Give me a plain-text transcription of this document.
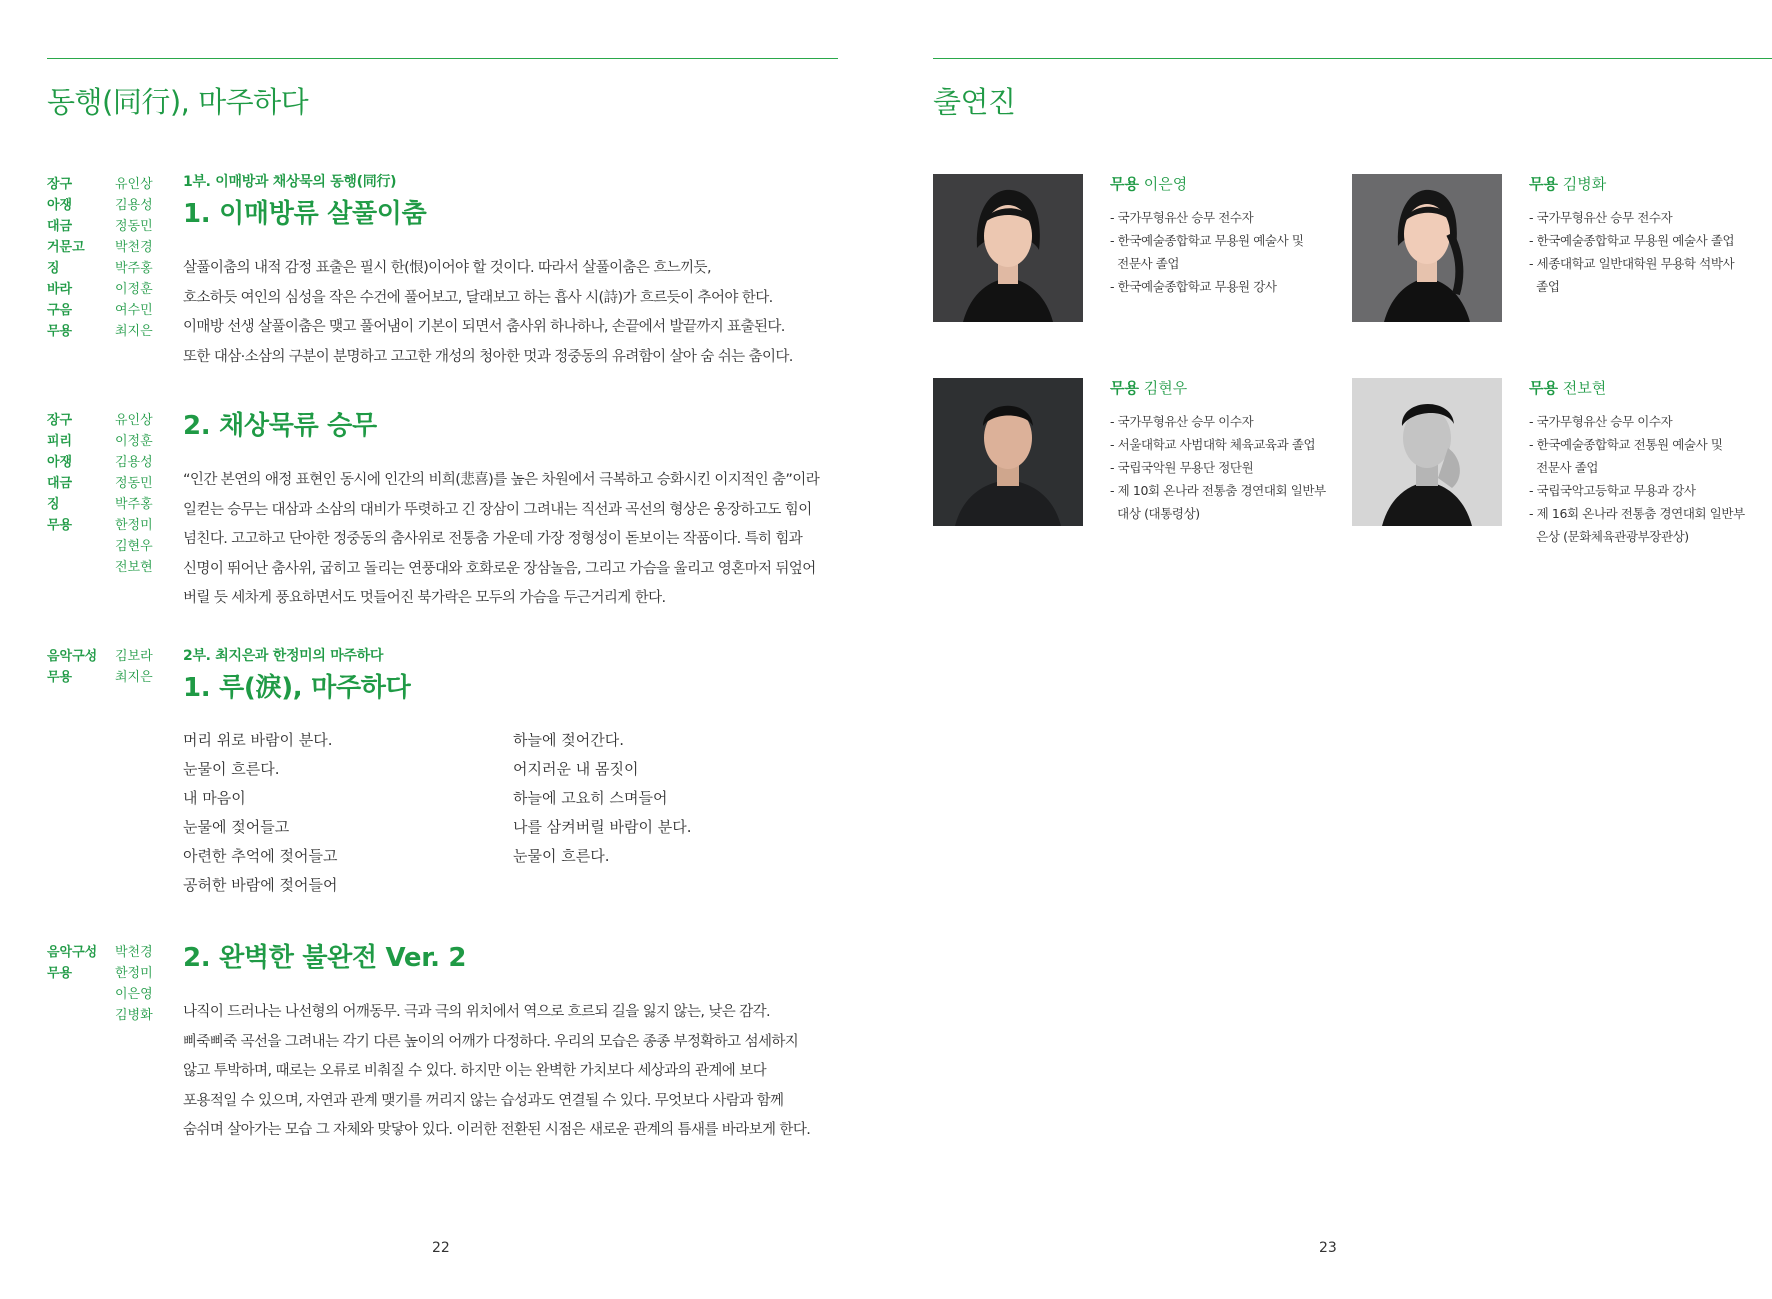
동행(同行), 마주하다
장구	유인상
아쟁	김용성
대금	정동민
거문고	박천경
징	박주홍
바라	이정훈
구음	여수민
무용	최지은
1부. 이매방과 채상묵의 동행(同行)
1. 이매방류 살풀이춤

살풀이춤의 내적 감정 표출은 필시 한(恨)이어야 할 것이다. 따라서 살풀이춤은 흐느끼듯,

호소하듯 여인의 심성을 작은 수건에 풀어보고, 달래보고 하는 흡사 시(詩)가 흐르듯이 추어야 한다.

이매방 선생 살풀이춤은 맺고 풀어냄이 기본이 되면서 춤사위 하나하나, 손끝에서 발끝까지 표출된다.

또한 대삼·소삼의 구분이 분명하고 고고한 개성의 청아한 멋과 정중동의 유려함이 살아 숨 쉬는 춤이다.

장구	유인상
피리	이정훈
아쟁	김용성
대금	정동민
징	박주홍
무용	한정미
김현우
전보현
2. 채상묵류 승무

“인간 본연의 애정 표현인 동시에 인간의 비희(悲喜)를 높은 차원에서 극복하고 승화시킨 이지적인 춤”이라

일컫는 승무는 대삼과 소삼의 대비가 뚜렷하고 긴 장삼이 그려내는 직선과 곡선의 형상은 웅장하고도 힘이

넘친다. 고고하고 단아한 정중동의 춤사위로 전통춤 가운데 가장 정형성이 돋보이는 작품이다. 특히 힘과

신명이 뛰어난 춤사위, 굽히고 돌리는 연풍대와 호화로운 장삼놀음, 그리고 가슴을 울리고 영혼마저 뒤엎어

버릴 듯 세차게 풍요하면서도 멋들어진 북가락은 모두의 가슴을 두근거리게 한다.

음악구성	김보라
무용	최지은
2부. 최지은과 한정미의 마주하다
1. 루(淚), 마주하다

머리 위로 바람이 분다.

눈물이 흐른다.

내 마음이

눈물에 젖어들고

아련한 추억에 젖어들고

공허한 바람에 젖어들어

하늘에 젖어간다.

어지러운 내 몸짓이

하늘에 고요히 스며들어

나를 삼켜버릴 바람이 분다.

눈물이 흐른다.

음악구성	박천경
무용	한정미
이은영
김병화
2. 완벽한 불완전 Ver. 2

나직이 드러나는 나선형의 어깨동무. 극과 극의 위치에서 역으로 흐르되 길을 잃지 않는, 낮은 감각.

삐죽삐죽 곡선을 그려내는 각기 다른 높이의 어깨가 다정하다. 우리의 모습은 종종 부정확하고 섬세하지

않고 투박하며, 때로는 오류로 비춰질 수 있다. 하지만 이는 완벽한 가치보다 세상과의 관계에 보다

포용적일 수 있으며, 자연과 관계 맺기를 꺼리지 않는 습성과도 연결될 수 있다. 무엇보다 사람과 함께

숨쉬며 살아가는 모습 그 자체와 맞닿아 있다. 이러한 전환된 시점은 새로운 관계의 틈새를 바라보게 한다.

22
출연진
무용 이은영
- 국가무형유산 승무 전수자
- 한국예술종합학교 무용원 예술사 및
전문사 졸업
- 한국예술종합학교 무용원 강사
무용 김병화
- 국가무형유산 승무 전수자
- 한국예술종합학교 무용원 예술사 졸업
- 세종대학교 일반대학원 무용학 석박사
졸업
무용 김현우
- 국가무형유산 승무 이수자
- 서울대학교 사범대학 체육교육과 졸업
- 국립국악원 무용단 정단원
- 제 10회 온나라 전통춤 경연대회 일반부
대상 (대통령상)
무용 전보현
- 국가무형유산 승무 이수자
- 한국예술종합학교 전통원 예술사 및
전문사 졸업
- 국립국악고등학교 무용과 강사
- 제 16회 온나라 전통춤 경연대회 일반부
은상 (문화체육관광부장관상)
23
